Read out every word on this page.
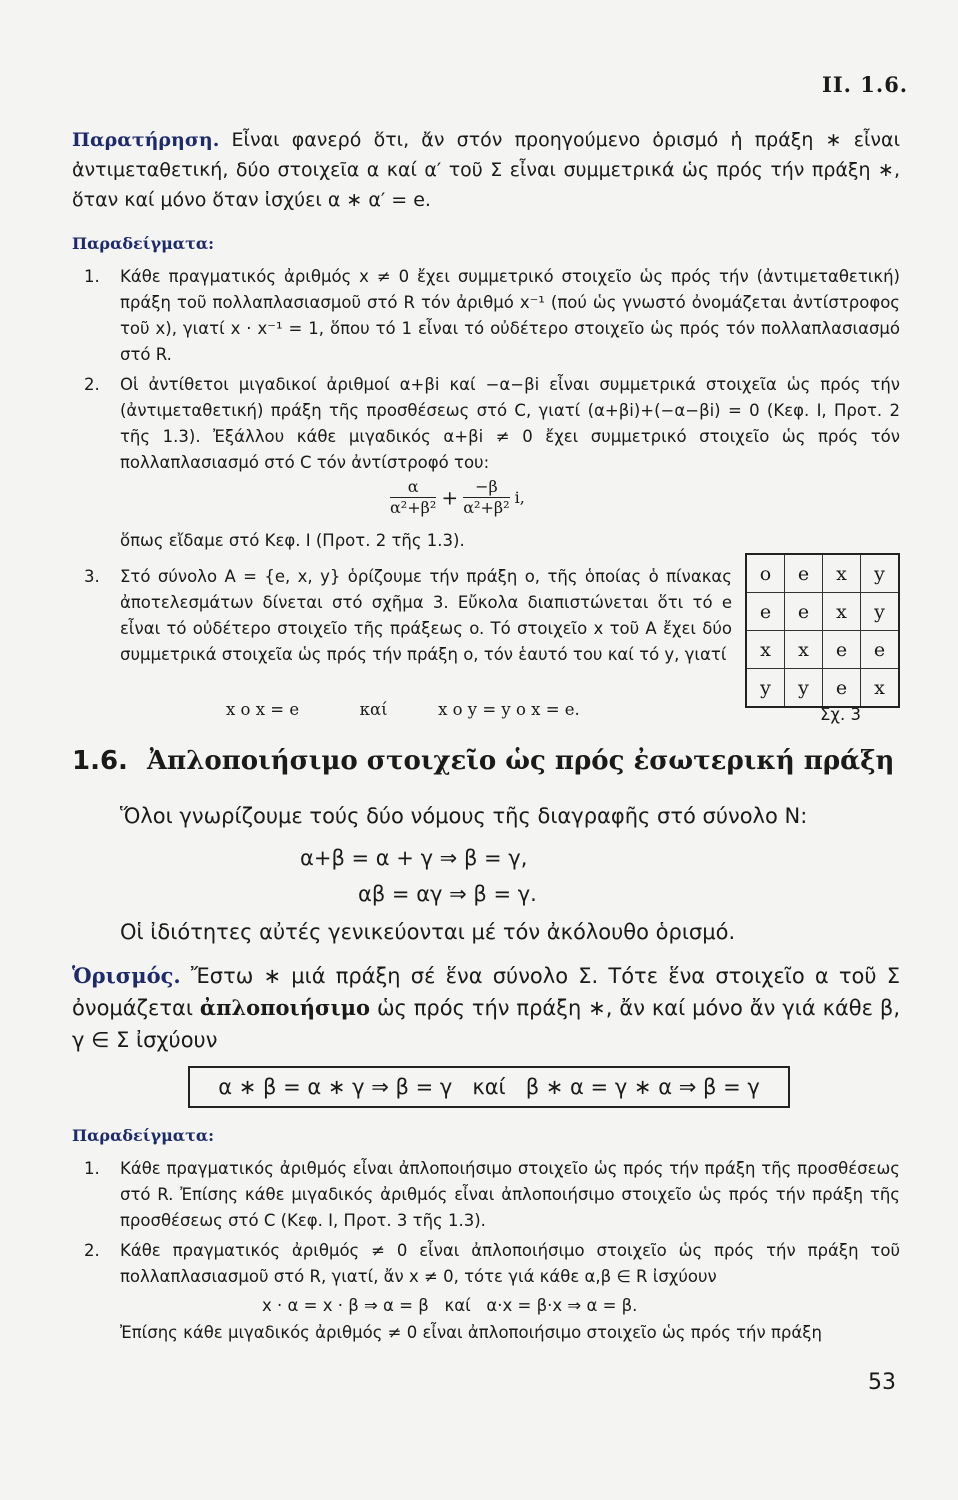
II. 1.6.
Παρατήρηση. Εἶναι φανερό ὅτι, ἄν στόν προηγούμενο ὁρισμό ἡ πράξη ∗ εἶναι ἀντιμεταθετική, δύο στοιχεῖα α καί α′ τοῦ Σ εἶναι συμμετρικά ὡς πρός τήν πράξη ∗, ὅταν καί μόνο ὅταν ἰσχύει α ∗ α′ = e.
Παραδείγματα:
1. Κάθε πραγματικός ἀριθμός x ≠ 0 ἔχει συμμετρικό στοιχεῖο ὡς πρός τήν (ἀντιμεταθετική) πράξη τοῦ πολλαπλασιασμοῦ στό R τόν ἀριθμό x⁻¹ (πού ὡς γνωστό ὀνομάζεται ἀντίστροφος τοῦ x), γιατί x · x⁻¹ = 1, ὅπου τό 1 εἶναι τό οὐδέτερο στοιχεῖο ὡς πρός τόν πολλαπλασιασμό στό R.
2. Οἱ ἀντίθετοι μιγαδικοί ἀριθμοί α+βi καί −α−βi εἶναι συμμετρικά στοιχεῖα ὡς πρός τήν (ἀντιμεταθετική) πράξη τῆς προσθέσεως στό C, γιατί (α+βi)+(−α−βi) = 0 (Κεφ. I, Προτ. 2 τῆς 1.3). Ἐξάλλου κάθε μιγαδικός α+βi ≠ 0 ἔχει συμμετρικό στοιχεῖο ὡς πρός τόν πολλαπλασιασμό στό C τόν ἀντίστροφό του:
$\frac{\alpha}{\text{α²+β²}} + \frac{-\beta}{\text{α²+β²}} i$,
ὅπως εἴδαμε στό Κεφ. I (Προτ. 2 τῆς 1.3).
3. Στό σύνολο A = {e, x, y} ὁρίζουμε τήν πράξη o, τῆς ὁποίας ὁ πίνακας ἀποτελεσμάτων δίνεται στό σχῆμα 3. Εὔκολα διαπιστώνεται ὅτι τό e εἶναι τό οὐδέτερο στοιχεῖο τῆς πράξεως o. Τό στοιχεῖο x τοῦ A ἔχει δύο συμμετρικά στοιχεῖα ὡς πρός τήν πράξη o, τόν ἑαυτό του καί τό y, γιατί
x o x = e	καί	x o y = y o x = e.
o	e	x	y
e	e	x	y
x	x	e	e
y	y	e	x
Σχ. 3
1.6. Ἀπλοποιήσιμο στοιχεῖο ὡς πρός ἐσωτερική πράξη
Ὅλοι γνωρίζουμε τούς δύο νόμους τῆς διαγραφῆς στό σύνολο N:
α+β = α + γ ⇒ β = γ,
αβ = αγ ⇒ β = γ.
Οἱ ἰδιότητες αὐτές γενικεύονται μέ τόν ἀκόλουθο ὁρισμό.
Ὁρισμός. Ἔστω ∗ μιά πράξη σέ ἕνα σύνολο Σ. Τότε ἕνα στοιχεῖο α τοῦ Σ ὀνομάζεται ἀπλοποιήσιμο ὡς πρός τήν πράξη ∗, ἄν καί μόνο ἄν γιά κάθε β, γ ∈ Σ ἰσχύουν
α ∗ β = α ∗ γ ⇒ β = γ   καί   β ∗ α = γ ∗ α ⇒ β = γ
Παραδείγματα:
1. Κάθε πραγματικός ἀριθμός εἶναι ἀπλοποιήσιμο στοιχεῖο ὡς πρός τήν πράξη τῆς προσθέσεως στό R. Ἐπίσης κάθε μιγαδικός ἀριθμός εἶναι ἀπλοποιήσιμο στοιχεῖο ὡς πρός τήν πράξη τῆς προσθέσεως στό C (Κεφ. I, Προτ. 3 τῆς 1.3).
2. Κάθε πραγματικός ἀριθμός ≠ 0 εἶναι ἀπλοποιήσιμο στοιχεῖο ὡς πρός τήν πράξη τοῦ πολλαπλασιασμοῦ στό R, γιατί, ἄν x ≠ 0, τότε γιά κάθε α,β ∈ R ἰσχύουν
x · α = x · β ⇒ α = β   καί   α·x = β·x ⇒ α = β.
Ἐπίσης κάθε μιγαδικός ἀριθμός ≠ 0 εἶναι ἀπλοποιήσιμο στοιχεῖο ὡς πρός τήν πράξη
53
